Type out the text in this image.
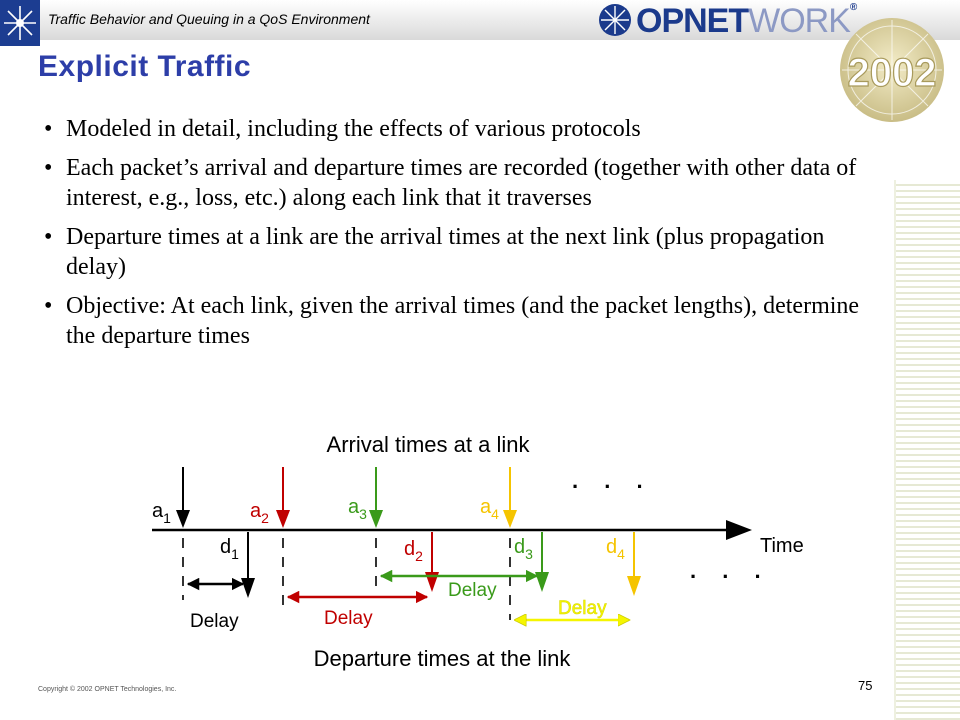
Traffic Behavior and Queuing in a QoS Environment	OPNETWORK®
2002
Explicit Traffic
• Modeled in detail, including the effects of various protocols
• Each packet’s arrival and departure times are recorded (together with other data of interest, e.g., loss, etc.) along each link that it traverses
• Departure times at a link are the arrival times at the next link (plus propagation delay)
• Objective: At each link, given the arrival times (and the packet lengths), determine the departure times
Arrival times at a link
Departure times at the link
Time
. . .
. . .
$a_1$	$a_2$	$a_3$	$a_4$
$d_1$	$d_2$	$d_3$	$d_4$
Delay	Delay
Delay
Delay
Copyright © 2002 OPNET Technologies, Inc.	75
